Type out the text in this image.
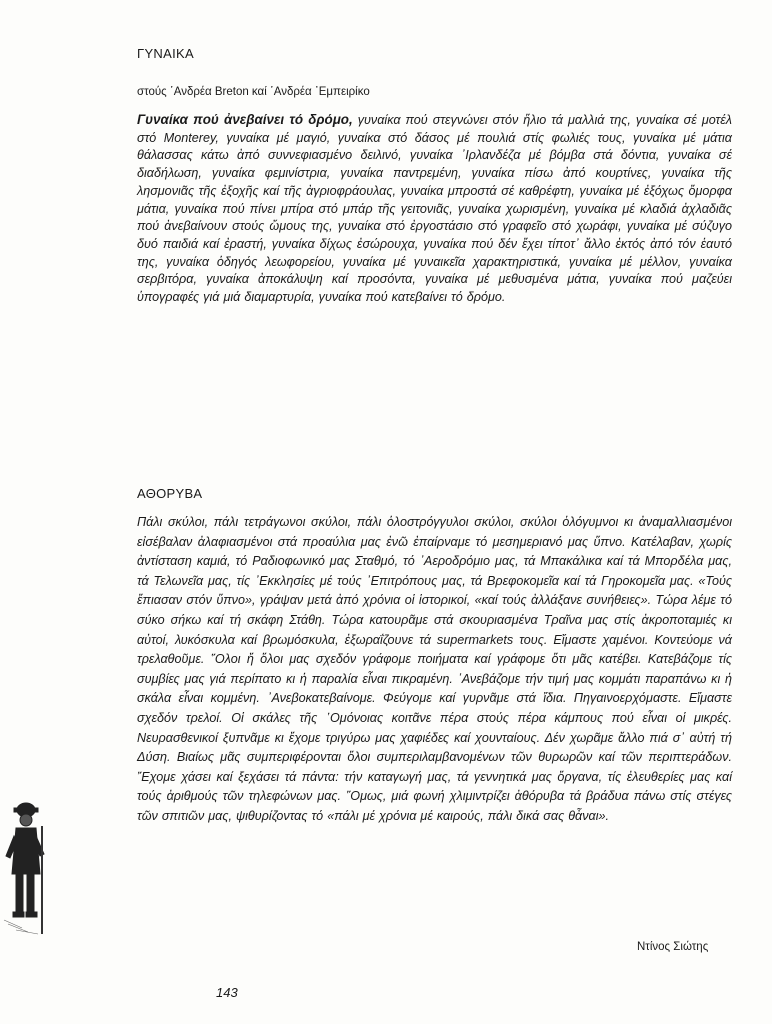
ΓΥΝΑΙΚΑ
στούς ῾Ανδρέα Breton καί ῾Ανδρέα ᾿Εμπειρίκο
Γυναίκα πού ἀνεβαίνει τό δρόμο, γυναίκα πού στεγνώνει στόν ἥλιο τά μαλλιά της, γυναίκα σέ μοτέλ στό Monterey, γυναίκα μέ μαγιό, γυναίκα στό δάσος μέ πουλιά στίς φωλιές τους, γυναίκα μέ μάτια θάλασσας κάτω ἀπό συννεφιασμένο δειλινό, γυναίκα ᾿Ιρλανδέζα μέ βόμβα στά δόντια, γυναίκα σέ διαδήλωση, γυναίκα φεμινίστρια, γυναίκα παντρεμένη, γυναίκα πίσω ἀπό κουρτίνες, γυναίκα τῆς λησμονιᾶς τῆς ἐξοχῆς καί τῆς ἀγριοφράουλας, γυναίκα μπροστά σέ καθρέφτη, γυναίκα μέ ἐξόχως ὄμορφα μάτια, γυναίκα πού πίνει μπίρα στό μπάρ τῆς γειτονιᾶς, γυναίκα χωρισμένη, γυναίκα μέ κλαδιά ἀχλαδιᾶς πού ἀνεβαίνουν στούς ὤμους της, γυναίκα στό ἐργοστάσιο στό γραφεῖο στό χωράφι, γυναίκα μέ σύζυγο δυό παιδιά καί ἐραστή, γυναίκα δίχως ἐσώρουχα, γυναίκα πού δέν ἔχει τίποτ᾿ ἄλλο ἐκτός ἀπό τόν ἑαυτό της, γυναίκα ὁδηγός λεωφορείου, γυναίκα μέ γυναικεῖα χαρακτηριστικά, γυναίκα μέ μέλλον, γυναίκα σερβιτόρα, γυναίκα ἀποκάλυψη καί προσόντα, γυναίκα μέ μεθυσμένα μάτια, γυναίκα πού μαζεύει ὑπογραφές γιά μιά διαμαρτυρία, γυναίκα πού κατεβαίνει τό δρόμο.
ΑΘΟΡΥΒΑ
Πάλι σκύλοι, πάλι τετράγωνοι σκύλοι, πάλι ὁλοστρόγγυλοι σκύλοι, σκύλοι ὁλόγυμνοι κι ἀναμαλλιασμένοι εἰσέβαλαν ἀλαφιασμένοι στά προαύλια μας ἐνῶ ἐπαίρναμε τό μεσημεριανό μας ὕπνο. Κατέλαβαν, χωρίς ἀντίσταση καμιά, τό Ραδιοφωνικό μας Σταθμό, τό ᾿Αεροδρόμιο μας, τά Μπακάλικα καί τά Μπορδέλα μας, τά Τελωνεῖα μας, τίς ᾿Εκκλησίες μέ τούς ᾿Επιτρόπους μας, τά Βρεφοκομεῖα καί τά Γηροκομεῖα μας. «Τούς ἔπιασαν στόν ὕπνο», γράψαν μετά ἀπό χρόνια οἱ ἱστορικοί, «καί τούς ἀλλάξανε συνήθειες». Τώρα λέμε τό σύκο σήκω καί τή σκάφη Στάθη. Τώρα κατουρᾶμε στά σκουριασμένα Τραῖνα μας στίς ἀκροποταμιές κι αὐτοί, λυκόσκυλα καί βρωμόσκυλα, ἐξωραΐζουνε τά supermarkets τους. Εἴμαστε χαμένοι. Κοντεύομε νά τρελαθοῦμε. ῞Ολοι ἤ ὅλοι μας σχεδόν γράφομε ποιήματα καί γράφομε ὅτι μᾶς κατέβει. Κατεβάζομε τίς συμβίες μας γιά περίπατο κι ἡ παραλία εἶναι πικραμένη. ᾿Ανεβάζομε τήν τιμή μας κομμάτι παραπάνω κι ἡ σκάλα εἶναι κομμένη. ᾿Ανεβοκατεβαίνομε. Φεύγομε καί γυρνᾶμε στά ἴδια. Πηγαινοερχόμαστε. Εἴμαστε σχεδόν τρελοί. Οἱ σκάλες τῆς ῾Ομόνοιας κοιτᾶνε πέρα στούς πέρα κάμπους πού εἶναι οἱ μικρές. Νευρασθενικοί ξυπνᾶμε κι ἔχομε τριγύρω μας χαφιέδες καί χουνταίους. Δέν χωρᾶμε ἄλλο πιά σ᾿ αὐτή τή Δύση. Βιαίως μᾶς συμπεριφέρονται ὅλοι συμπεριλαμβανομένων τῶν θυρωρῶν καί τῶν περιπτεράδων. ῎Εχομε χάσει καί ξεχάσει τά πάντα: τήν καταγωγή μας, τά γεννητικά μας ὄργανα, τίς ἐλευθερίες μας καί τούς ἀριθμούς τῶν τηλεφώνων μας. ῞Ομως, μιά φωνή χλιμιντρίζει ἀθόρυβα τά βράδυα πάνω στίς στέγες τῶν σπιτιῶν μας, ψιθυρίζοντας τό «πάλι μέ χρόνια μέ καιρούς, πάλι δικά σας θἆναι».
Ντίνος Σιώτης
143
